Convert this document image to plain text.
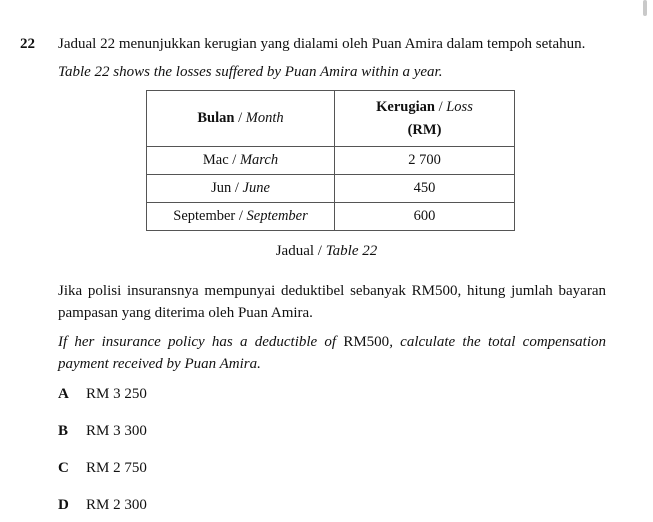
22 Jadual 22 menunjukkan kerugian yang dialami oleh Puan Amira dalam tempoh setahun.
Table 22 shows the losses suffered by Puan Amira within a year.
Bulan / Month	Kerugian / Loss
(RM)

Mac / March	2 700
Jun / June	450
September / September	600
Jadual / Table 22
Jika polisi insuransnya mempunyai deduktibel sebanyak RM500, hitung jumlah bayaran pampasan yang diterima oleh Puan Amira.
If her insurance policy has a deductible of RM500, calculate the total compensation payment received by Puan Amira.
A RM 3 250
B RM 3 300
C RM 2 750
D RM 2 300
